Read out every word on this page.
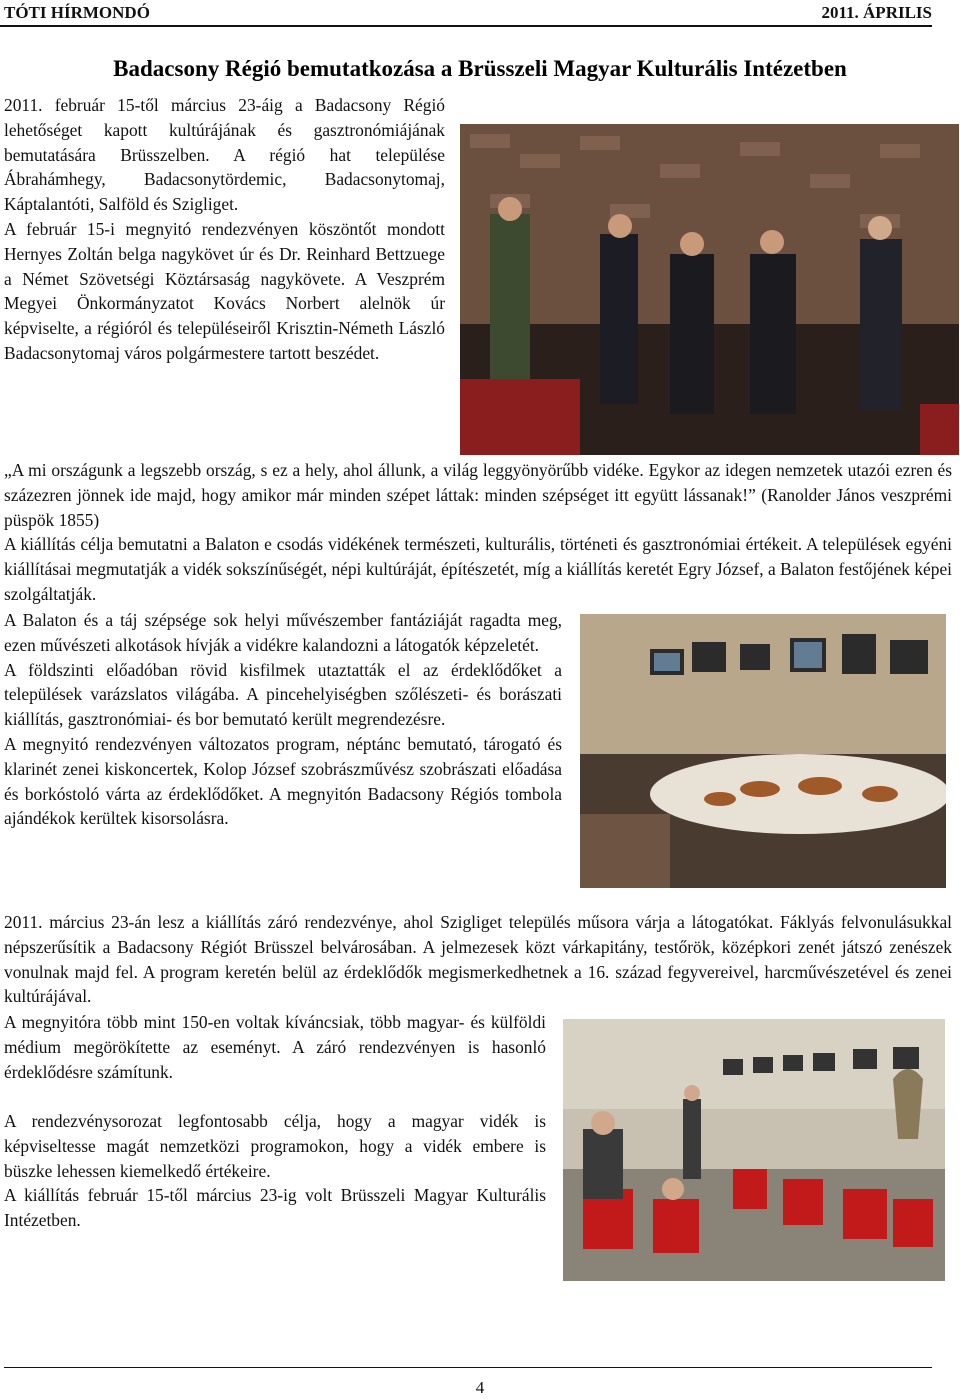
TÓTI HÍRMONDÓ	2011. ÁPRILIS
Badacsony Régió bemutatkozása a Brüsszeli Magyar Kulturális Intézetben

2011. február 15-től március 23-áig a Badacsony Régió lehetőséget kapott kultúrájának és gasztronómiájának bemutatására Brüsszelben. A régió hat települése Ábrahámhegy, Badacsonytördemic, Badacsonytomaj, Káptalantóti, Salföld és Szigliget.

A február 15-i megnyitó rendezvényen köszöntőt mondott Hernyes Zoltán belga nagykövet úr és Dr. Reinhard Bettzuege a Német Szövetségi Köztársaság nagykövete. A Veszprém Megyei Önkormányzatot Kovács Norbert alelnök úr képviselte, a régióról és településeiről Krisztin-Németh László Badacsonytomaj város polgármestere tartott beszédet.

„A mi országunk a legszebb ország, s ez a hely, ahol állunk, a világ leggyönyörűbb vidéke. Egykor az idegen nemzetek utazói ezren és százezren jönnek ide majd, hogy amikor már minden szépet láttak: minden szépséget itt együtt lássanak!” (Ranolder János veszprémi püspök 1855)

A kiállítás célja bemutatni a Balaton e csodás vidékének természeti, kulturális, történeti és gasztronómiai értékeit. A települések egyéni kiállításai megmutatják a vidék sokszínűségét, népi kultúráját, építészetét, míg a kiállítás keretét Egry József, a Balaton festőjének képei szolgáltatják.

A Balaton és a táj szépsége sok helyi művészember fantáziáját ragadta meg, ezen művészeti alkotások hívják a vidékre kalandozni a látogatók képzeletét.

A földszinti előadóban rövid kisfilmek utaztatták el az érdeklődőket a települések varázslatos világába. A pincehelyiségben szőlészeti- és borászati kiállítás, gasztronómiai- és bor bemutató került megrendezésre.

A megnyitó rendezvényen változatos program, néptánc bemutató, tárogató és klarinét zenei kiskoncertek, Kolop József szobrászművész szobrászati előadása és borkóstoló várta az érdeklődőket. A megnyitón Badacsony Régiós tombola ajándékok kerültek kisorsolásra.

2011. március 23-án lesz a kiállítás záró rendezvénye, ahol Szigliget település műsora várja a látogatókat. Fáklyás felvonulásukkal népszerűsítik a Badacsony Régiót Brüsszel belvárosában. A jelmezesek közt várkapitány, testőrök, középkori zenét játszó zenészek vonulnak majd fel. A program keretén belül az érdeklődők megismerkedhetnek a 16. század fegyvereivel, harcművészetével és zenei kultúrájával.

A megnyitóra több mint 150-en voltak kíváncsiak, több magyar- és külföldi médium megörökítette az eseményt. A záró rendezvényen is hasonló érdeklődésre számítunk.

A rendezvénysorozat legfontosabb célja, hogy a magyar vidék is képviseltesse magát nemzetközi programokon, hogy a vidék embere is büszke lehessen kiemelkedő értékeire.

A kiállítás február 15-től március 23-ig volt Brüsszeli Magyar Kulturális Intézetben.

4
